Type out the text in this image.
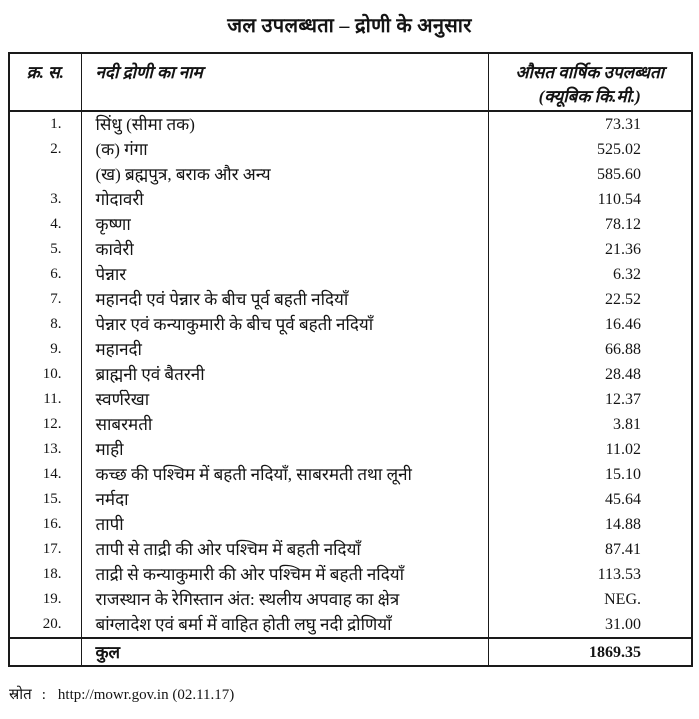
जल उपलब्धता – द्रोणी के अनुसार
क्र. स.	नदी द्रोणी का नाम	औसत वार्षिक उपलब्धता
(क्यूबिक कि.मी.)

1.	सिंधु (सीमा तक)	73.31
2.	(क) गंगा	525.02
	(ख) ब्रह्मपुत्र, बराक और अन्य	585.60
3.	गोदावरी	110.54
4.	कृष्णा	78.12
5.	कावेरी	21.36
6.	पेन्नार	6.32
7.	महानदी एवं पेन्नार के बीच पूर्व बहती नदियाँ	22.52
8.	पेन्नार एवं कन्याकुमारी के बीच पूर्व बहती नदियाँ	16.46
9.	महानदी	66.88
10.	ब्राह्मनी एवं बैतरनी	28.48
11.	स्वर्णरेखा	12.37
12.	साबरमती	3.81
13.	माही	11.02
14.	कच्छ की पश्चिम में बहती नदियाँ, साबरमती तथा लूनी	15.10
15.	नर्मदा	45.64
16.	तापी	14.88
17.	तापी से ताद्री की ओर पश्चिम में बहती नदियाँ	87.41
18.	ताद्री से कन्याकुमारी की ओर पश्चिम में बहती नदियाँ	113.53
19.	राजस्थान के रेगिस्तान अंत: स्थलीय अपवाह का क्षेत्र	NEG.
20.	बांग्लादेश एवं बर्मा में वाहित होती लघु नदी द्रोणियाँ	31.00
	कुल	1869.35
स्रोत : http://mowr.gov.in (02.11.17)
